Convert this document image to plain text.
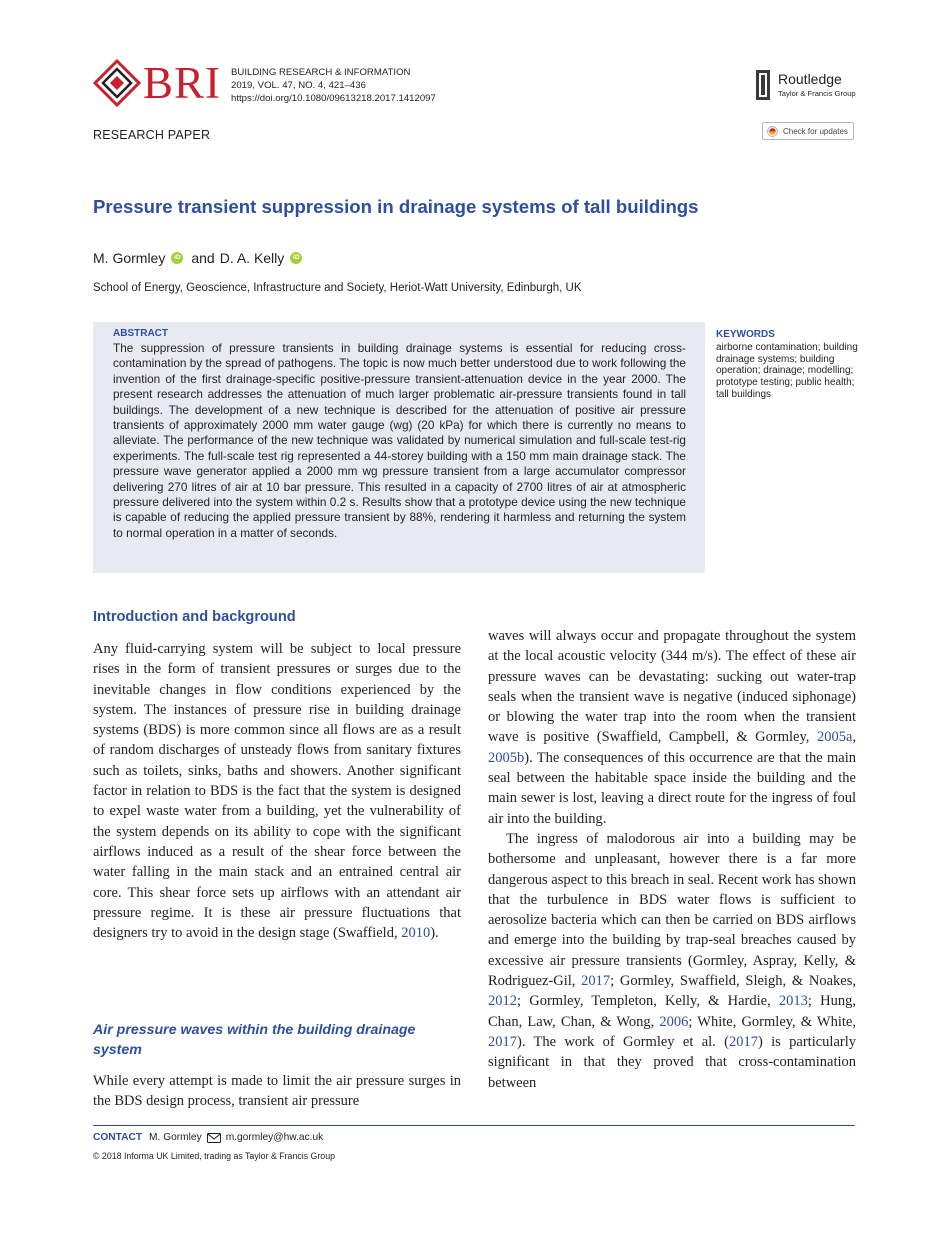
BRI BUILDING RESEARCH & INFORMATION
2019, VOL. 47, NO. 4, 421–436
https://doi.org/10.1080/09613218.2017.1412097
Routledge
Taylor & Francis Group
RESEARCH PAPER	Check for updates
Pressure transient suppression in drainage systems of tall buildings
M. Gormley	iD and D. A. Kelly	iD
School of Energy, Geoscience, Infrastructure and Society, Heriot-Watt University, Edinburgh, UK
ABSTRACT
The suppression of pressure transients in building drainage systems is essential for reducing cross-contamination by the spread of pathogens. The topic is now much better understood due to work following the invention of the first drainage-specific positive-pressure transient-attenuation device in the year 2000. The present research addresses the attenuation of much larger problematic air-pressure transients found in tall buildings. The development of a new technique is described for the attenuation of positive air pressure transients of approximately 2000 mm water gauge (wg) (20 kPa) for which there is currently no means to alleviate. The performance of the new technique was validated by numerical simulation and full-scale test-rig experiments. The full-scale test rig represented a 44-storey building with a 150 mm main drainage stack. The pressure wave generator applied a 2000 mm wg pressure transient from a large accumulator compressor delivering 270 litres of air at 10 bar pressure. This resulted in a capacity of 2700 litres of air at atmospheric pressure delivered into the system within 0.2 s. Results show that a prototype device using the new technique is capable of reducing the applied pressure transient by 88%, rendering it harmless and returning the system to normal operation in a matter of seconds.
KEYWORDS
airborne contamination; building drainage systems; building operation; drainage; modelling; prototype testing; public health; tall buildings
Introduction and background

Any fluid-carrying system will be subject to local pressure rises in the form of transient pressures or surges due to the inevitable changes in flow conditions experienced by the system. The instances of pressure rise in building drainage systems (BDS) is more common since all flows are as a result of random discharges of unsteady flows from sanitary fixtures such as toilets, sinks, baths and showers. Another significant factor in relation to BDS is the fact that the system is designed to expel waste water from a building, yet the vulnerability of the system depends on its ability to cope with the significant airflows induced as a result of the shear force between the water falling in the main stack and an entrained central air core. This shear force sets up airflows with an attendant air pressure regime. It is these air pressure fluctuations that designers try to avoid in the design stage (Swaffield, 2010).

Air pressure waves within the building drainage system

While every attempt is made to limit the air pressure surges in the BDS design process, transient air pressure

waves will always occur and propagate throughout the system at the local acoustic velocity (344 m/s). The effect of these air pressure waves can be devastating: sucking out water-trap seals when the transient wave is negative (induced siphonage) or blowing the water trap into the room when the transient wave is positive (Swaffield, Campbell, & Gormley, 2005a, 2005b). The consequences of this occurrence are that the main seal between the habitable space inside the building and the main sewer is lost, leaving a direct route for the ingress of foul air into the building.

The ingress of malodorous air into a building may be bothersome and unpleasant, however there is a far more dangerous aspect to this breach in seal. Recent work has shown that the turbulence in BDS water flows is sufficient to aerosolize bacteria which can then be carried on BDS airflows and emerge into the building by trap-seal breaches caused by excessive air pressure transients (Gormley, Aspray, Kelly, & Rodriguez-Gil, 2017; Gormley, Swaffield, Sleigh, & Noakes, 2012; Gormley, Templeton, Kelly, & Hardie, 2013; Hung, Chan, Law, Chan, & Wong, 2006; White, Gormley, & White, 2017). The work of Gormley et al. (2017) is particularly significant in that they proved that cross-contamination between

CONTACT M. Gormley m.gormley@hw.ac.uk
© 2018 Informa UK Limited, trading as Taylor & Francis Group
